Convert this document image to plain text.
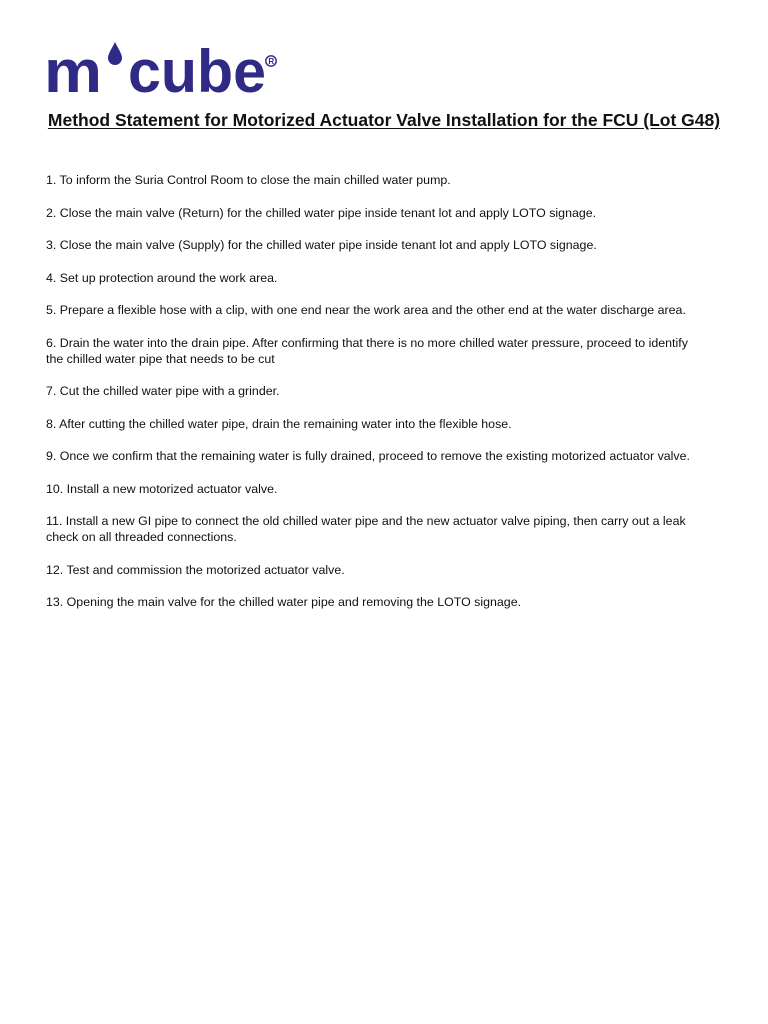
m cube R
Method Statement for Motorized Actuator Valve Installation for the FCU (Lot G48)
1. To inform the Suria Control Room to close the main chilled water pump.
2. Close the main valve (Return) for the chilled water pipe inside tenant lot and apply LOTO signage.
3. Close the main valve (Supply) for the chilled water pipe inside tenant lot and apply LOTO signage.
4. Set up protection around the work area.
5. Prepare a flexible hose with a clip, with one end near the work area and the other end at the water discharge area.
6. Drain the water into the drain pipe. After confirming that there is no more chilled water pressure, proceed to identify the chilled water pipe that needs to be cut
7. Cut the chilled water pipe with a grinder.
8. After cutting the chilled water pipe, drain the remaining water into the flexible hose.
9. Once we confirm that the remaining water is fully drained, proceed to remove the existing motorized actuator valve.
10. Install a new motorized actuator valve.
11. Install a new GI pipe to connect the old chilled water pipe and the new actuator valve piping, then carry out a leak check on all threaded connections.
12. Test and commission the motorized actuator valve.
13. Opening the main valve for the chilled water pipe and removing the LOTO signage.
